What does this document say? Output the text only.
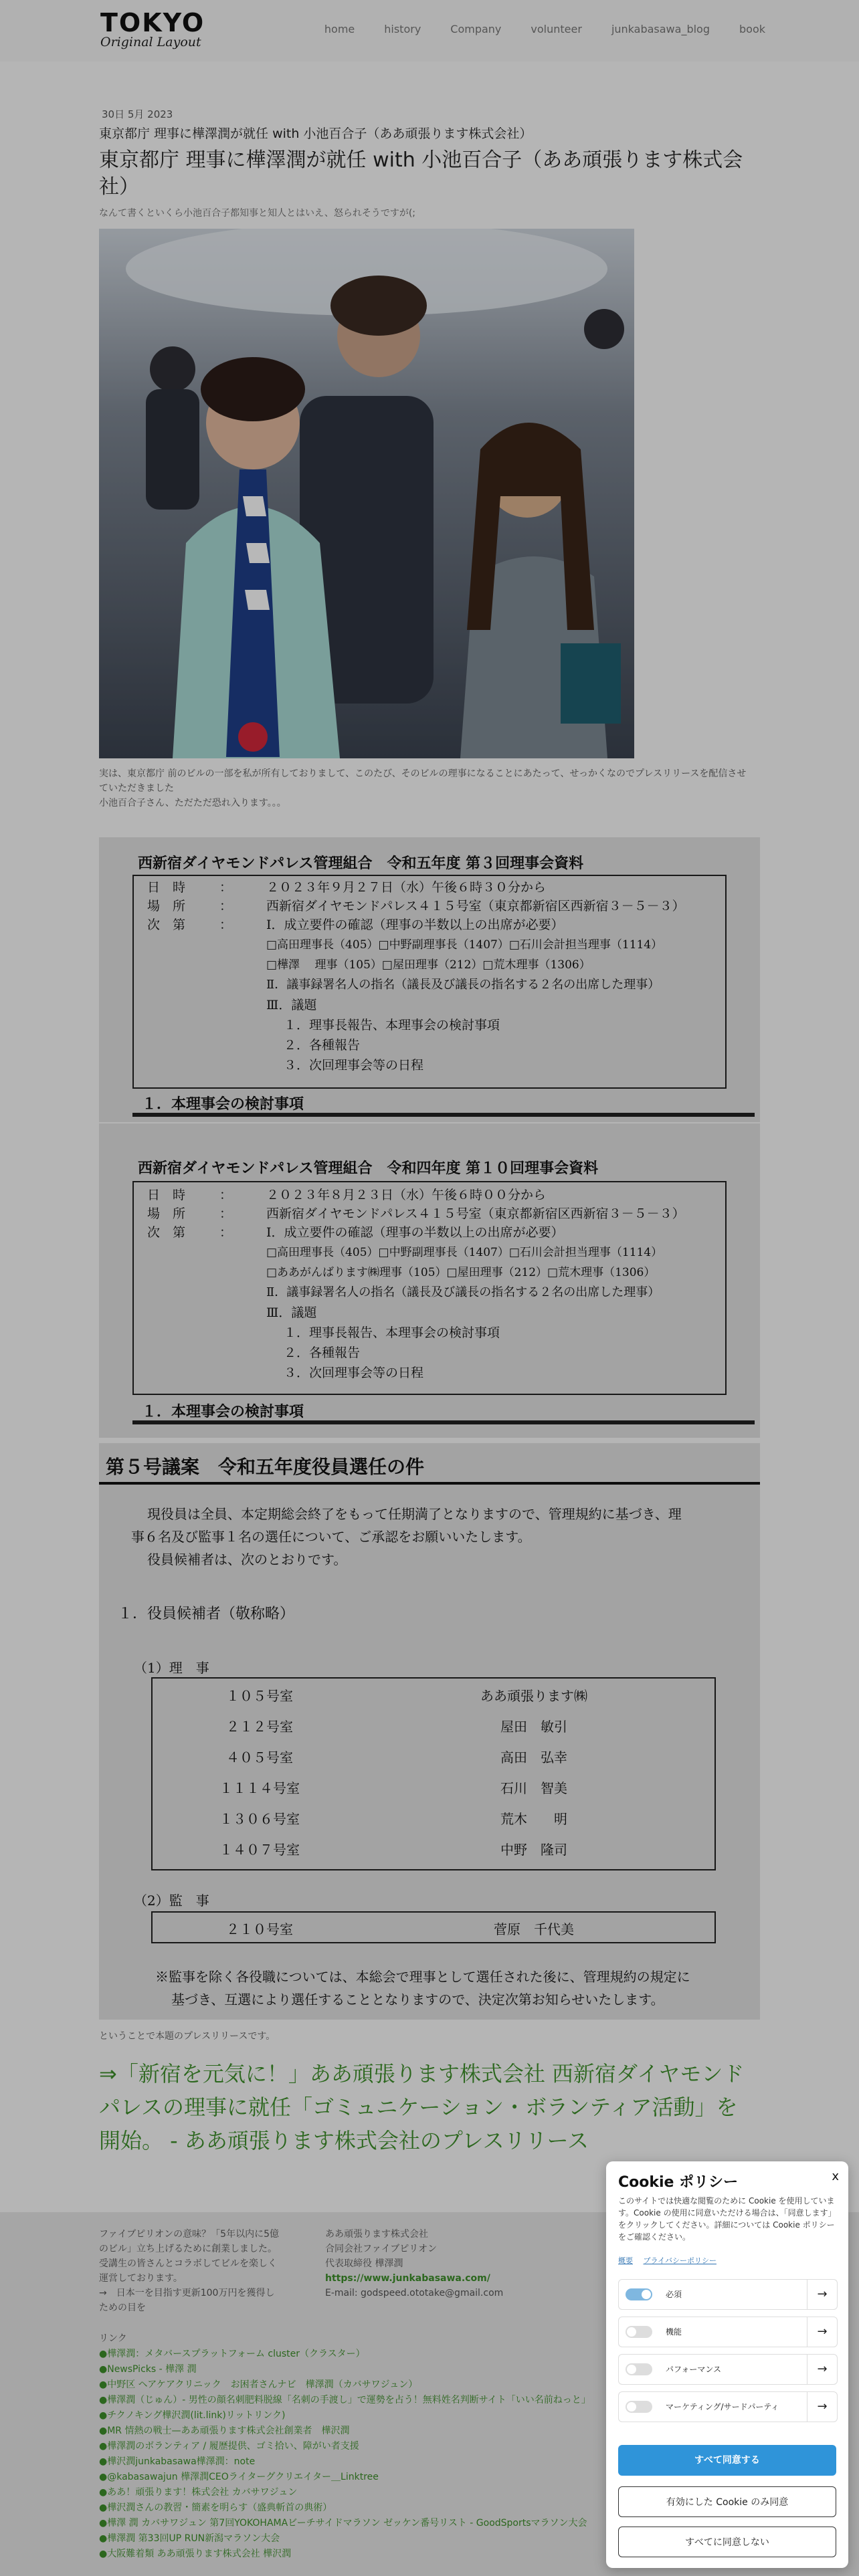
TOKYO
Original Layout
home	history	Company	volunteer	junkabasawa_blog	book
30日 5月 2023
東京都庁 理事に樺澤潤が就任 with 小池百合子（ああ頑張ります株式会社）
東京都庁 理事に樺澤潤が就任 with 小池百合子（ああ頑張ります株式会社）
なんて書くといくら小池百合子都知事と知人とはいえ、怒られそうですが(;
実は、東京都庁 前のビルの一部を私が所有しておりまして、このたび、そのビルの理事になることにあたって、せっかくなのでプレスリリースを配信させていただきました
小池百合子さん、ただただ恐れ入ります。。。
西新宿ダイヤモンドパレス管理組合　令和五年度 第３回理事会資料
日　時	：	２０２３年９月２７日（水）午後６時３０分から
場　所	：	西新宿ダイヤモンドパレス４１５号室（東京都新宿区西新宿３－５－３）
次　第	：	Ⅰ．成立要件の確認（理事の半数以上の出席が必要）
□高田理事長（405）□中野副理事長（1407）□石川会計担当理事（1114）
□樺澤　 理事（105）□屋田理事（212）□荒木理事（1306）
Ⅱ．議事録署名人の指名（議長及び議長の指名する２名の出席した理事）
Ⅲ．議題
１．理事長報告、本理事会の検討事項
２．各種報告
３．次回理事会等の日程
１．本理事会の検討事項
西新宿ダイヤモンドパレス管理組合　令和四年度 第１０回理事会資料
日　時	：	２０２３年８月２３日（水）午後６時００分から
場　所	：	西新宿ダイヤモンドパレス４１５号室（東京都新宿区西新宿３－５－３）
次　第	：	Ⅰ．成立要件の確認（理事の半数以上の出席が必要）
□高田理事長（405）□中野副理事長（1407）□石川会計担当理事（1114）
□ああがんばります㈱理事（105）□屋田理事（212）□荒木理事（1306）
Ⅱ．議事録署名人の指名（議長及び議長の指名する２名の出席した理事）
Ⅲ．議題
１．理事長報告、本理事会の検討事項
２．各種報告
３．次回理事会等の日程
１．本理事会の検討事項
第５号議案　令和五年度役員選任の件
現役員は全員、本定期総会終了をもって任期満了となりますので、管理規約に基づき、理
事６名及び監事１名の選任について、ご承認をお願いいたします。
役員候補者は、次のとおりです。
１．役員候補者（敬称略）
（1）理　事
１０５号室	ああ頑張ります㈱
２１２号室	屋田　敏引
４０５号室	高田　弘幸
１１１４号室	石川　智美
１３０６号室	荒木　　明
１４０７号室	中野　隆司
（2）監　事
２１０号室	菅原　千代美
※監事を除く各役職については、本総会で理事として選任された後に、管理規約の規定に
基づき、互選により選任することとなりますので、決定次第お知らせいたします。
ということで本題のプレスリリースです。
⇒「新宿を元気に！」ああ頑張ります株式会社 西新宿ダイヤモンドパレスの理事に就任「ゴミュニケーション・ボランティア活動」を開始。 - ああ頑張ります株式会社のプレスリリース
ファイブピリオンの意味？「5年以内に5億
のビル」立ち上げるために創業しました。
受講生の皆さんとコラボしてビルを楽しく
運営しております。
→　日本一を目指す更新100万円を獲得し
ための目を
ああ頑張ります株式会社
合同会社ファイブピリオン
代表取締役 樺澤潤
https://www.junkabasawa.com/
E-mail: godspeed.ototake@gmail.com
リンク
●樺澤潤：メタバースプラットフォーム cluster（クラスター）
●NewsPicks - 樺澤 潤
●中野区 ヘアケアクリニック　お困者さんナビ　樺澤潤（カバサワジュン）
●樺澤潤（じゅん）- 男性の顔名刺肥料脱線「名刺の手渡し」で運勢を占う！無料姓名判断サイト「いい名前ねっと」
●チクノキング樺沢潤(lit.link)リットリンク)
●MR 情熱の戦士—ああ頑張ります株式会社創業者　樺沢潤
●樺澤潤のボランティア / 履歴提供、ゴミ拾い、障がい者支援
●樺沢潤junkabasawa樺澤潤：note
●@kabasawajun 樺澤潤CEOライターグクリエイター＿Linktree
●ああ！頑張ります！株式会社 カバサワジュン
●樺沢潤さんの教習・簡素を明らす（盛典斬首の典術）
●樺澤 潤 カバサワジュン 第7回YOKOHAMAビーチサイドマラソン ゼッケン番号リスト - GoodSportsマラソン大会
●樺澤潤 第33回UP RUN新潟マラソン大会
●大阪難着類 ああ頑張ります株式会社 樺沢潤
Cookie ポリシー	x
このサイトでは快適な閲覧のために Cookie を使用しています。Cookie の使用に同意いただける場合は、「同意します」をクリックしてください。詳細については Cookie ポリシーをご確認ください。
概要 プライバシーポリシー
必須	→
機能	→
パフォーマンス	→
マーケティング/サードパーティ	→
すべて同意する
有効にした Cookie のみ同意
すべてに同意しない
